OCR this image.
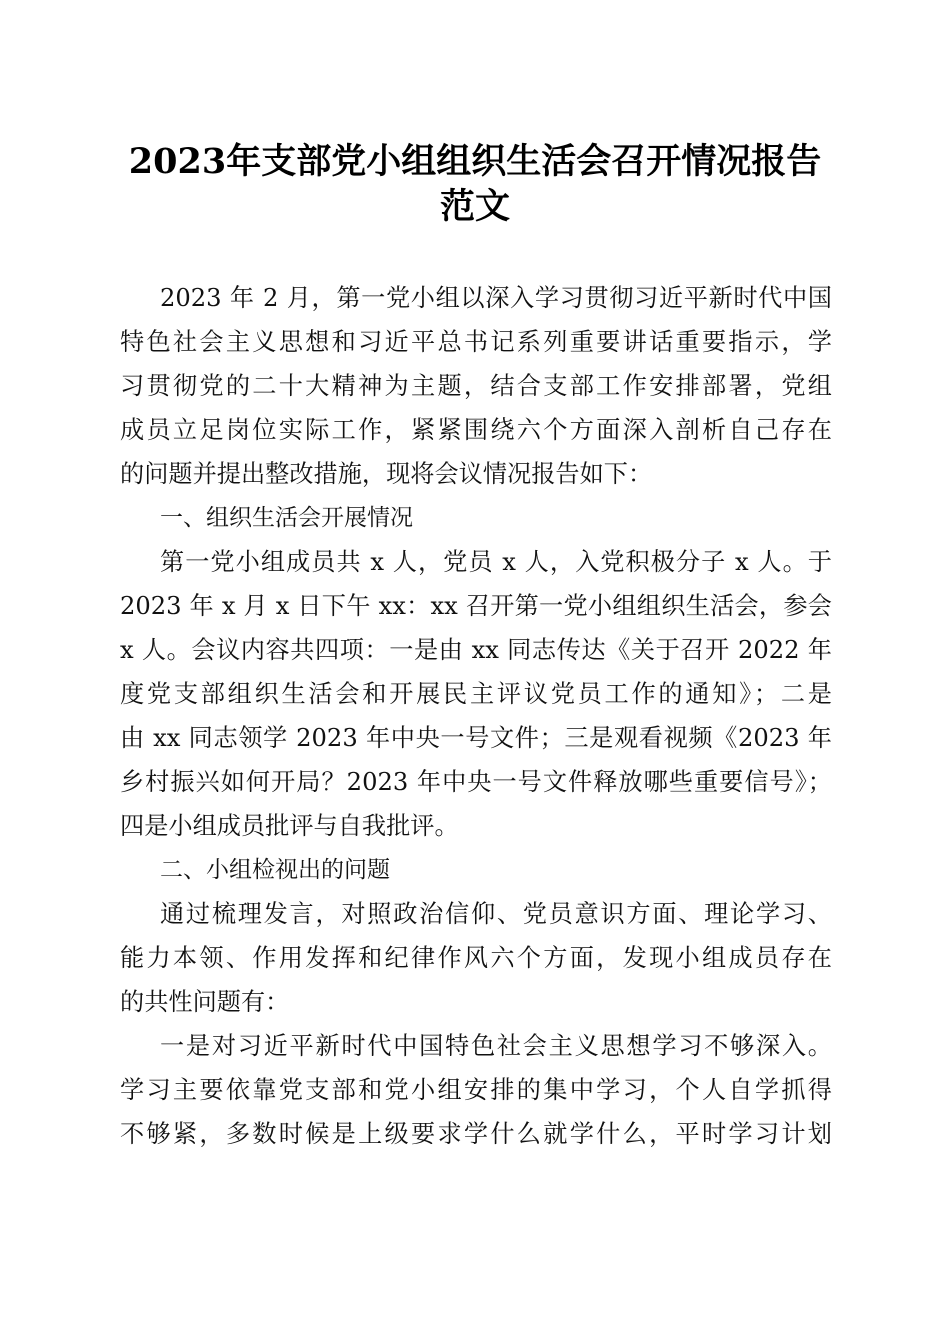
2023年支部党小组组织生活会召开情况报告
范文
2023 年 2 月，第一党小组以深入学习贯彻习近平新时代中国
特色社会主义思想和习近平总书记系列重要讲话重要指示，学
习贯彻党的二十大精神为主题，结合支部工作安排部署，党组
成员立足岗位实际工作，紧紧围绕六个方面深入剖析自己存在
的问题并提出整改措施，现将会议情况报告如下：
一、组织生活会开展情况
第一党小组成员共 x 人，党员 x 人，入党积极分子 x 人。于
2023 年 x 月 x 日下午 xx：xx 召开第一党小组组织生活会，参会
x 人。会议内容共四项：一是由 xx 同志传达《关于召开 2022 年
度党支部组织生活会和开展民主评议党员工作的通知》；二是
由 xx 同志领学 2023 年中央一号文件；三是观看视频《2023 年
乡村振兴如何开局？2023 年中央一号文件释放哪些重要信号》；
四是小组成员批评与自我批评。
二、小组检视出的问题
通过梳理发言，对照政治信仰、党员意识方面、理论学习、
能力本领、作用发挥和纪律作风六个方面，发现小组成员存在
的共性问题有：
一是对习近平新时代中国特色社会主义思想学习不够深入。
学习主要依靠党支部和党小组安排的集中学习，个人自学抓得
不够紧，多数时候是上级要求学什么就学什么，平时学习计划
